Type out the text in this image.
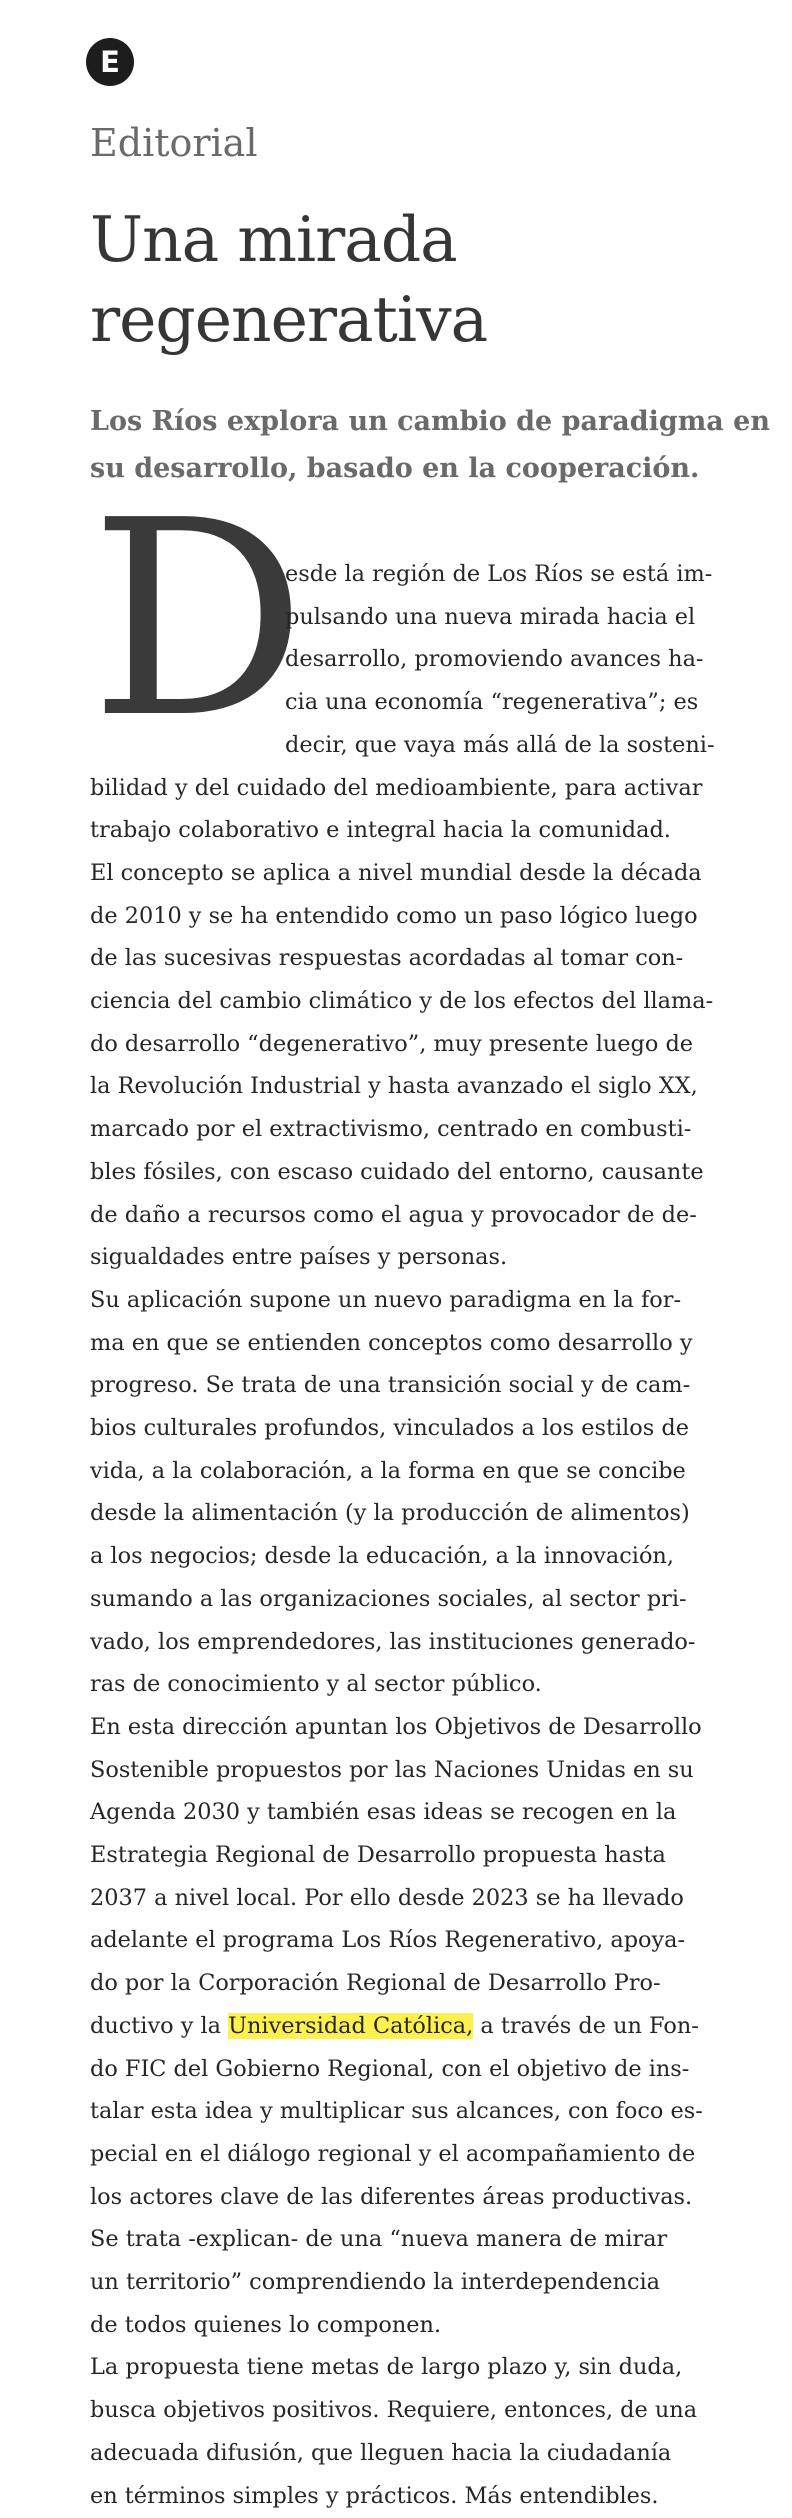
E
Editorial
Una mirada regenerativa

Los Ríos explora un cambio de paradigma en su desarrollo, basado en la cooperación.

D

esde la región de Los Ríos se está im-

pulsando una nueva mirada hacia el

desarrollo, promoviendo avances ha-

cia una economía “regenerativa”; es

decir, que vaya más allá de la sosteni-

bilidad y del cuidado del medioambiente, para activar

trabajo colaborativo e integral hacia la comunidad.

El concepto se aplica a nivel mundial desde la década

de 2010 y se ha entendido como un paso lógico luego

de las sucesivas respuestas acordadas al tomar con-

ciencia del cambio climático y de los efectos del llama-

do desarrollo “degenerativo”, muy presente luego de

la Revolución Industrial y hasta avanzado el siglo XX,

marcado por el extractivismo, centrado en combusti-

bles fósiles, con escaso cuidado del entorno, causante

de daño a recursos como el agua y provocador de de-

sigualdades entre países y personas.

Su aplicación supone un nuevo paradigma en la for-

ma en que se entienden conceptos como desarrollo y

progreso. Se trata de una transición social y de cam-

bios culturales profundos, vinculados a los estilos de

vida, a la colaboración, a la forma en que se concibe

desde la alimentación (y la producción de alimentos)

a los negocios; desde la educación, a la innovación,

sumando a las organizaciones sociales, al sector pri-

vado, los emprendedores, las instituciones generado-

ras de conocimiento y al sector público.

En esta dirección apuntan los Objetivos de Desarrollo

Sostenible propuestos por las Naciones Unidas en su

Agenda 2030 y también esas ideas se recogen en la

Estrategia Regional de Desarrollo propuesta hasta

2037 a nivel local. Por ello desde 2023 se ha llevado

adelante el programa Los Ríos Regenerativo, apoya-

do por la Corporación Regional de Desarrollo Pro-

ductivo y la Universidad Católica, a través de un Fon-

do FIC del Gobierno Regional, con el objetivo de ins-

talar esta idea y multiplicar sus alcances, con foco es-

pecial en el diálogo regional y el acompañamiento de

los actores clave de las diferentes áreas productivas.

Se trata -explican- de una “nueva manera de mirar

un territorio” comprendiendo la interdependencia

de todos quienes lo componen.

La propuesta tiene metas de largo plazo y, sin duda,

busca objetivos positivos. Requiere, entonces, de una

adecuada difusión, que lleguen hacia la ciudadanía

en términos simples y prácticos. Más entendibles.
